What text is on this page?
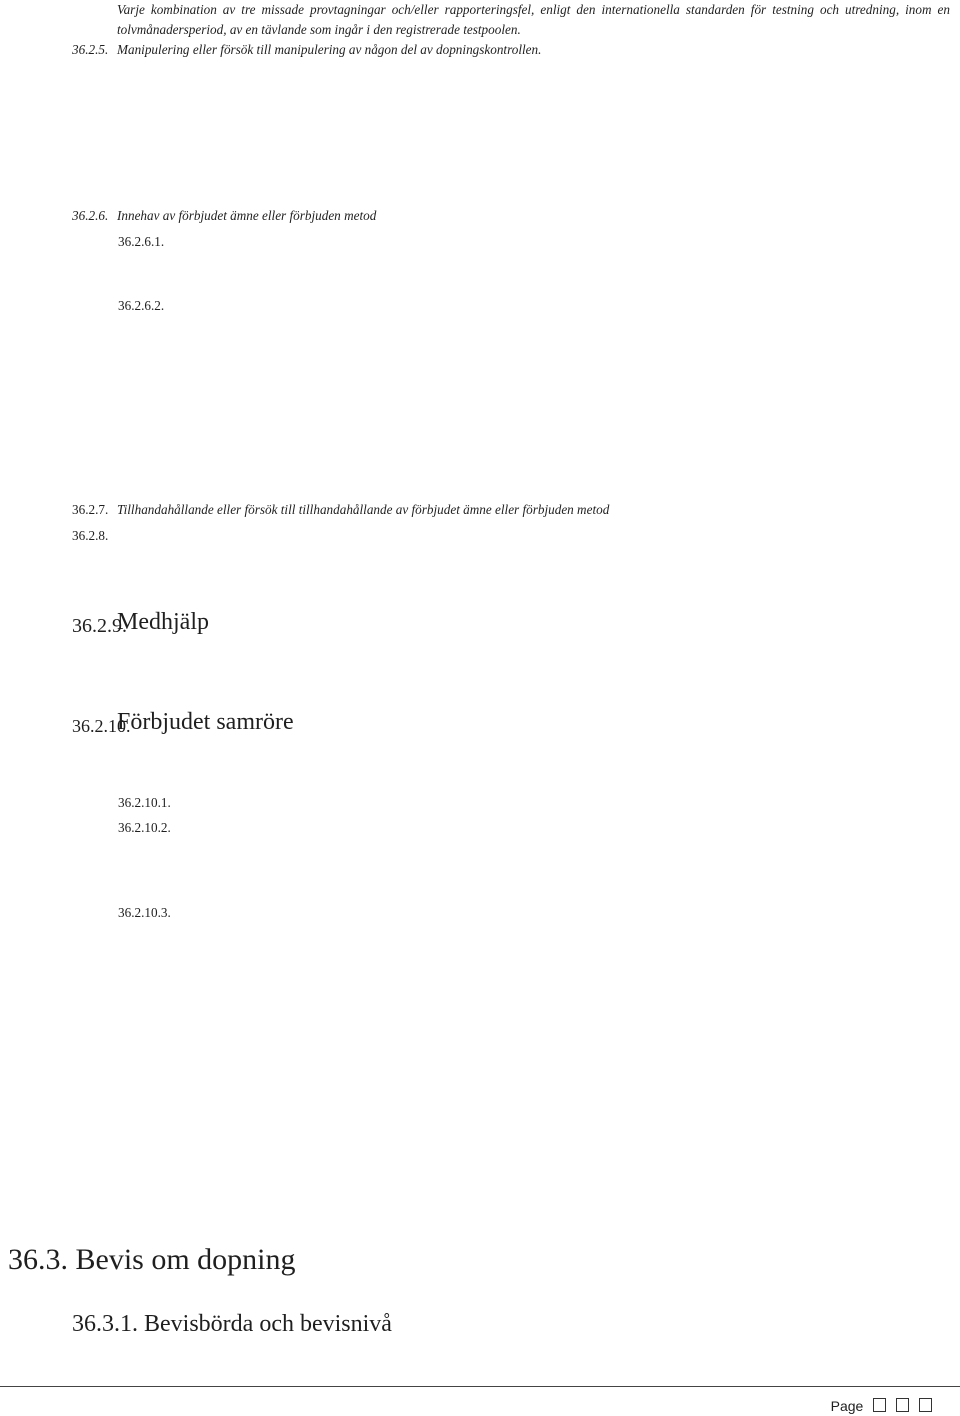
Varje kombination av tre missade provtagningar och/eller rapporteringsfel, enligt den internationella standarden för testning och utredning, inom en tolvmånadersperiod, av en tävlande som ingår i den registrerade testpoolen.
36.2.5. Manipulering eller försök till manipulering av någon del av dopningskontrollen.
36.2.6. Innehav av förbjudet ämne eller förbjuden metod
36.2.6.1.
36.2.6.2.
36.2.7. Tillhandahållande eller försök till tillhandahållande av förbjudet ämne eller förbjuden metod
36.2.8.
36.2.9.
Medhjälp
36.2.10.
Förbjudet samröre
36.2.10.1.
36.2.10.2.
36.2.10.3.
36.3. Bevis om dopning
36.3.1. Bevisbörda och bevisnivå
Page
